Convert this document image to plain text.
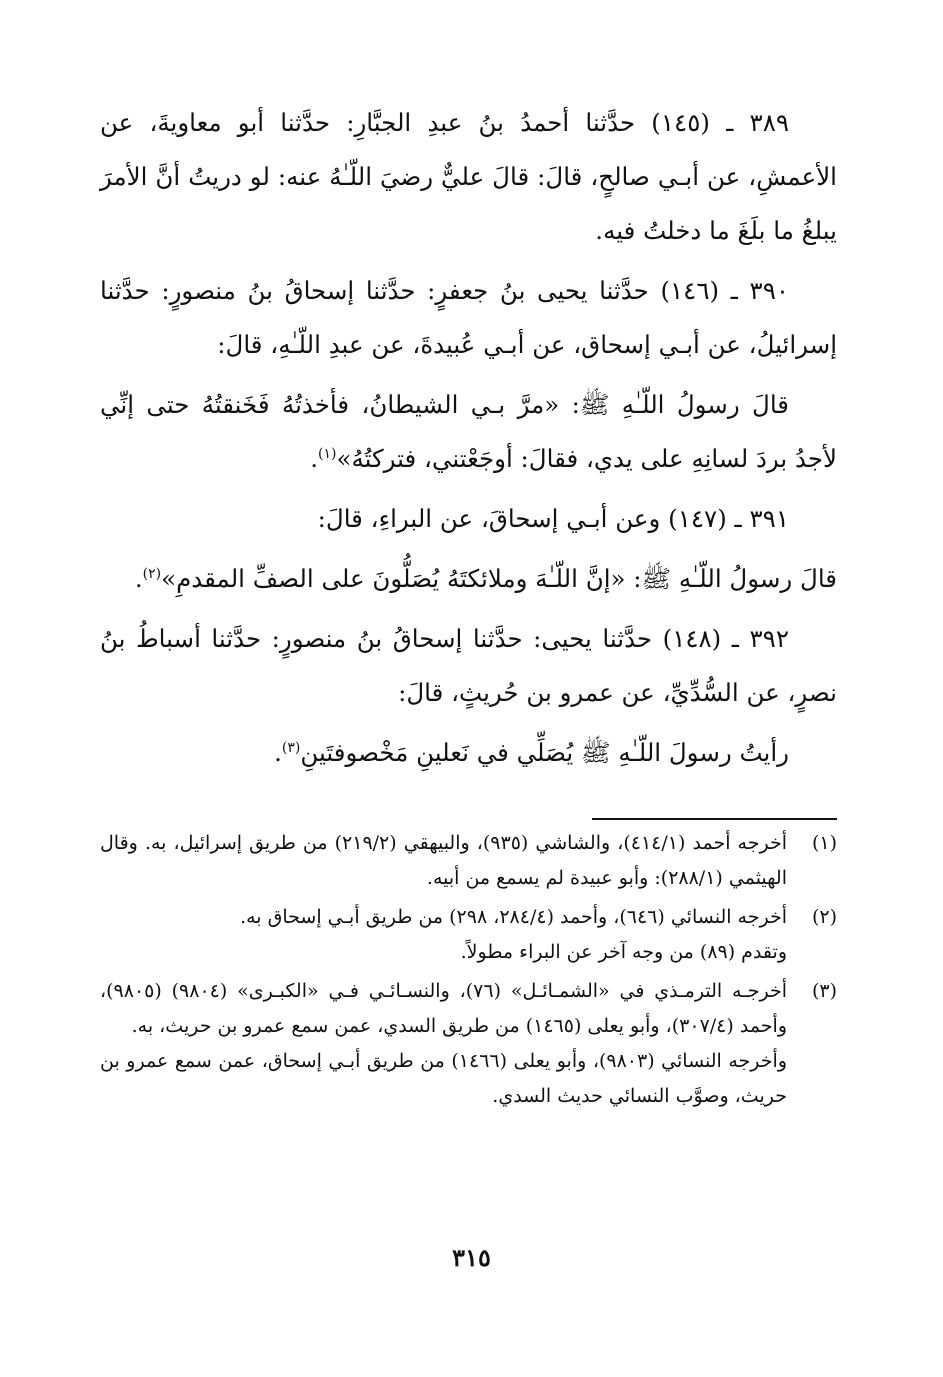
٣٨٩ ـ (١٤٥) حدَّثنا أحمدُ بنُ عبدِ الجبَّارِ: حدَّثنا أبو معاويةَ، عن الأعمشِ، عن أبـي صالحٍ، قالَ: قالَ عليٌّ رضيَ اللّـٰهُ عنه: لو دريتُ أنَّ الأمرَ يبلغُ ما بلَغَ ما دخلتُ فيه.

٣٩٠ ـ (١٤٦) حدَّثنا يحيى بنُ جعفرٍ: حدَّثنا إسحاقُ بنُ منصورٍ: حدَّثنا إسرائيلُ، عن أبـي إسحاق، عن أبـي عُبيدةَ، عن عبدِ اللّـٰهِ، قالَ:

قالَ رسولُ اللّـٰهِ ﷺ: «مرَّ بـي الشيطانُ، فأخذتُهُ فَخَنقتُهُ حتى إنِّي لأجدُ بردَ لسانِهِ على يدي، فقالَ: أوجَعْتني، فتركتُهُ»$^{(١)}$.

٣٩١ ـ (١٤٧) وعن أبـي إسحاقَ، عن البراءِ، قالَ:

قالَ رسولُ اللّـٰهِ ﷺ: «إنَّ اللّـٰهَ وملائكتَهُ يُصَلُّونَ على الصفِّ المقدمِ»$^{(٢)}$.

٣٩٢ ـ (١٤٨) حدَّثنا يحيى: حدَّثنا إسحاقُ بنُ منصورٍ: حدَّثنا أسباطُ بنُ نصرٍ، عن السُّدِّيِّ، عن عمرو بن حُريثٍ، قالَ:

رأيتُ رسولَ اللّـٰهِ ﷺ يُصَلِّي في نَعلينِ مَخْصوفتَينِ$^{(٣)}$.

(١)
أخرجه أحمد (٤١٤/١)، والشاشي (٩٣٥)، والبيهقي (٢١٩/٢) من طريق إسرائيل، به. وقال الهيثمي (٢٨٨/١): وأبو عبيدة لم يسمع من أبيه.

(٢)
أخرجه النسائي (٦٤٦)، وأحمد (٢٨٤/٤، ٢٩٨) من طريق أبـي إسحاق به.
وتقدم (٨٩) من وجه آخر عن البراء مطولاً.

(٣)
أخرجـه الترمـذي في «الشمـائـل» (٧٦)، والنسـائـي فـي «الكبـرى» (٩٨٠٤) (٩٨٠٥)، وأحمد (٣٠٧/٤)، وأبو يعلى (١٤٦٥) من طريق السدي، عمن سمع عمرو بن حريث، به.
وأخرجه النسائي (٩٨٠٣)، وأبو يعلى (١٤٦٦) من طريق أبـي إسحاق، عمن سمع عمرو بن حريث، وصوَّب النسائي حديث السدي.

٣١٥
